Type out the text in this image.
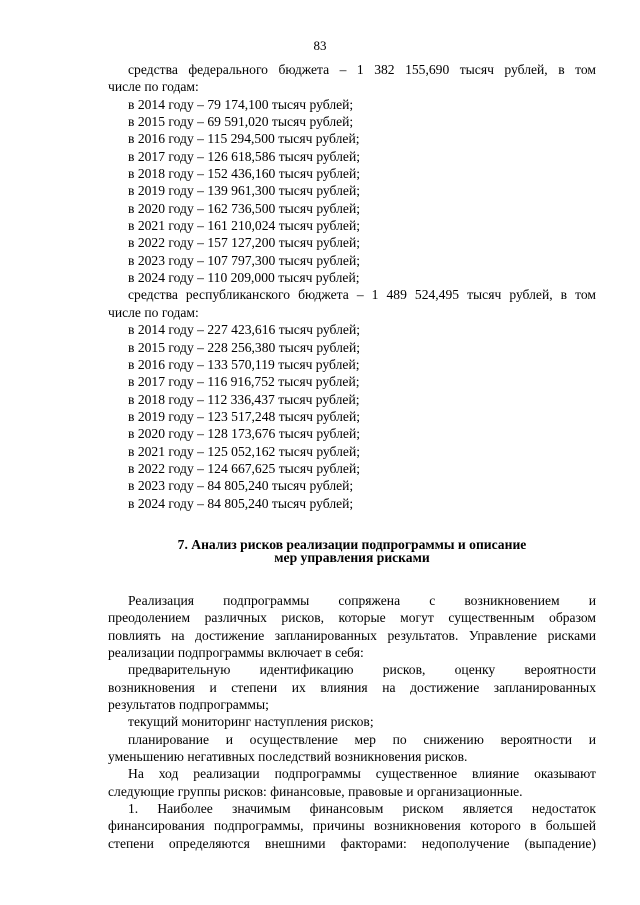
83
средства федерального бюджета – 1 382 155,690 тысяч рублей, в том
числе по годам:
в 2014 году – 79 174,100 тысяч рублей;
в 2015 году – 69 591,020 тысяч рублей;
в 2016 году – 115 294,500 тысяч рублей;
в 2017 году – 126 618,586 тысяч рублей;
в 2018 году – 152 436,160 тысяч рублей;
в 2019 году – 139 961,300 тысяч рублей;
в 2020 году – 162 736,500 тысяч рублей;
в 2021 году – 161 210,024 тысяч рублей;
в 2022 году – 157 127,200 тысяч рублей;
в 2023 году – 107 797,300 тысяч рублей;
в 2024 году – 110 209,000 тысяч рублей;
средства республиканского бюджета – 1 489 524,495 тысяч рублей, в том
числе по годам:
в 2014 году – 227 423,616 тысяч рублей;
в 2015 году – 228 256,380 тысяч рублей;
в 2016 году – 133 570,119 тысяч рублей;
в 2017 году – 116 916,752 тысяч рублей;
в 2018 году – 112 336,437 тысяч рублей;
в 2019 году – 123 517,248 тысяч рублей;
в 2020 году – 128 173,676 тысяч рублей;
в 2021 году – 125 052,162 тысяч рублей;
в 2022 году – 124 667,625 тысяч рублей;
в 2023 году – 84 805,240 тысяч рублей;
в 2024 году – 84 805,240 тысяч рублей;
7. Анализ рисков реализации подпрограммы и описание
мер управления рисками
Реализация подпрограммы сопряжена с возникновением и
преодолением различных рисков, которые могут существенным образом
повлиять на достижение запланированных результатов. Управление рисками
реализации подпрограммы включает в себя:
предварительную идентификацию рисков, оценку вероятности
возникновения и степени их влияния на достижение запланированных
результатов подпрограммы;
текущий мониторинг наступления рисков;
планирование и осуществление мер по снижению вероятности и
уменьшению негативных последствий возникновения рисков.
На ход реализации подпрограммы существенное влияние оказывают
следующие группы рисков: финансовые, правовые и организационные.
1. Наиболее значимым финансовым риском является недостаток
финансирования подпрограммы, причины возникновения которого в большей
степени определяются внешними факторами: недополучение (выпадение)
